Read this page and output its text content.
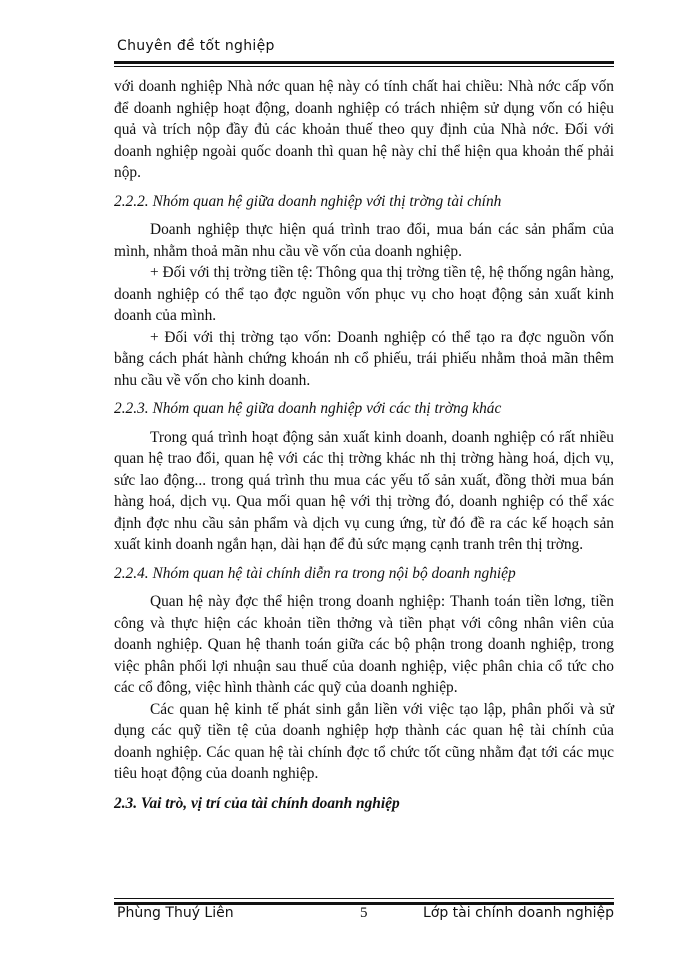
Chuyên đề tốt nghiệp

với doanh nghiệp Nhà nớc quan hệ này có tính chất hai chiều: Nhà nớc cấp vốn để doanh nghiệp hoạt động, doanh nghiệp có trách nhiệm sử dụng vốn có hiệu quả và trích nộp đầy đủ các khoản thuế theo quy định của Nhà nớc. Đối với doanh nghiệp ngoài quốc doanh thì quan hệ này chỉ thể hiện qua khoản thế phải nộp.

2.2.2. Nhóm quan hệ giữa doanh nghiệp với thị trờng tài chính

Doanh nghiệp thực hiện quá trình trao đổi, mua bán các sản phẩm của mình, nhằm thoả mãn nhu cầu về vốn của doanh nghiệp.

+ Đối với thị trờng tiền tệ: Thông qua thị trờng tiền tệ, hệ thống ngân hàng, doanh nghiệp có thể tạo đợc nguồn vốn phục vụ cho hoạt động sản xuất kinh doanh của mình.

+ Đối với thị trờng tạo vốn: Doanh nghiệp có thể tạo ra đợc nguồn vốn bằng cách phát hành chứng khoán nh cổ phiếu, trái phiếu nhằm thoả mãn thêm nhu cầu về vốn cho kinh doanh.

2.2.3. Nhóm quan hệ giữa doanh nghiệp với các thị trờng khác

Trong quá trình hoạt động sản xuất kinh doanh, doanh nghiệp có rất nhiều quan hệ trao đổi, quan hệ với các thị trờng khác nh thị trờng hàng hoá, dịch vụ, sức lao động... trong quá trình thu mua các yếu tố sản xuất, đồng thời mua bán hàng hoá, dịch vụ. Qua mối quan hệ với thị trờng đó, doanh nghiệp có thể xác định đợc nhu cầu sản phẩm và dịch vụ cung ứng, từ đó đề ra các kế hoạch sản xuất kinh doanh ngắn hạn, dài hạn để đủ sức mạng cạnh tranh trên thị trờng.

2.2.4. Nhóm quan hệ tài chính diễn ra trong nội bộ doanh nghiệp

Quan hệ này đợc thể hiện trong doanh nghiệp: Thanh toán tiền lơng, tiền công và thực hiện các khoản tiền thởng và tiền phạt với công nhân viên của doanh nghiệp. Quan hệ thanh toán giữa các bộ phận trong doanh nghiệp, trong việc phân phối lợi nhuận sau thuế của doanh nghiệp, việc phân chia cổ tức cho các cổ đông, việc hình thành các quỹ của doanh nghiệp.

Các quan hệ kinh tế phát sinh gắn liền với việc tạo lập, phân phối và sử dụng các quỹ tiền tệ của doanh nghiệp hợp thành các quan hệ tài chính của doanh nghiệp. Các quan hệ tài chính đợc tổ chức tốt cũng nhằm đạt tới các mục tiêu hoạt động của doanh nghiệp.

2.3. Vai trò, vị trí của tài chính doanh nghiệp
Phùng Thuý Liên	5	Lớp tài chính doanh nghiệp
